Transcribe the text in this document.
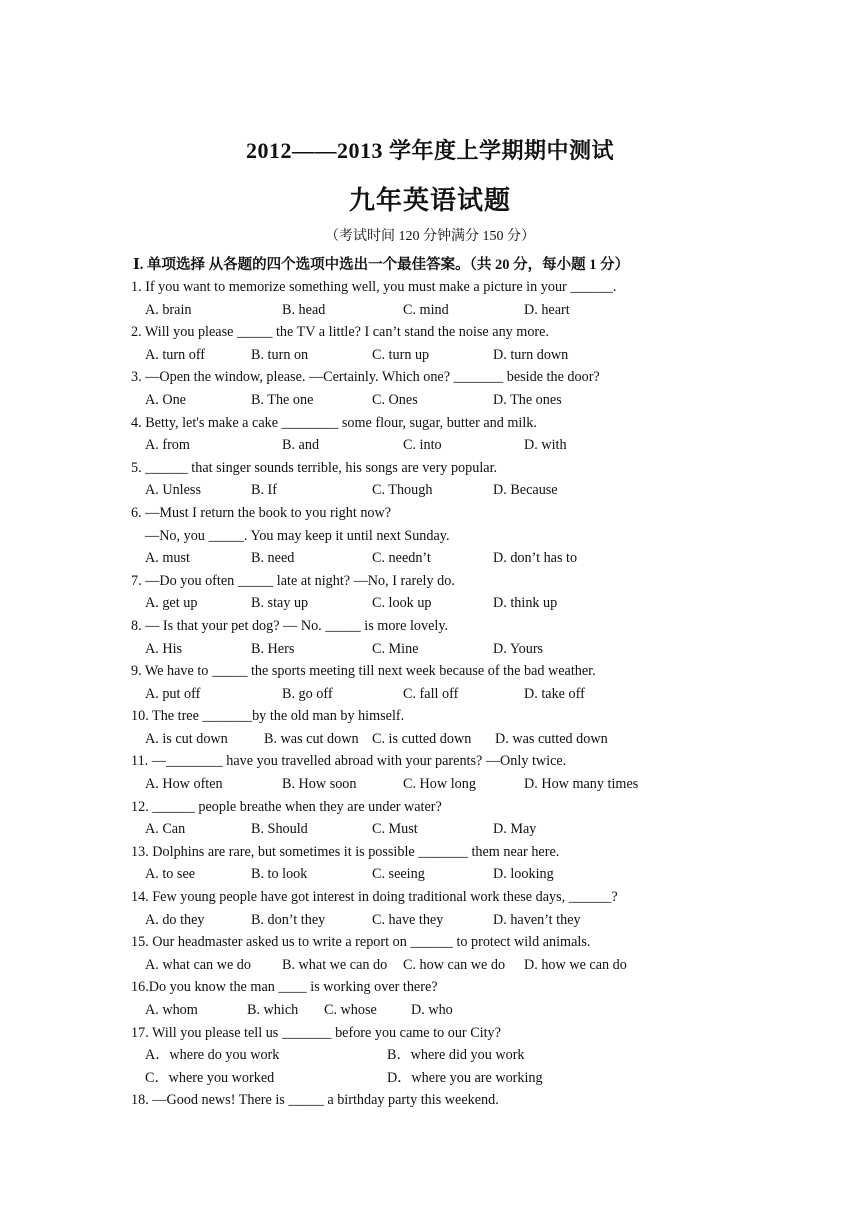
2012——2013 学年度上学期期中测试
九年英语试题
（考试时间 120 分钟满分 150 分）
Ⅰ. 单项选择 从各题的四个选项中选出一个最佳答案。（共 20 分，每小题 1 分）
1. If you want to memorize something well, you must make a picture in your ______.
A. brain	B. head	C. mind	D. heart
2. Will you please _____ the TV a little? I can’t stand the noise any more.
A. turn off	B. turn on	C. turn up	D. turn down
3. —Open the window, please. —Certainly. Which one? _______ beside the door?
A. One	B. The one	C. Ones	D. The ones
4. Betty, let's make a cake ________ some flour, sugar, butter and milk.
A. from	B. and	C. into	D. with
5. ______ that singer sounds terrible, his songs are very popular.
A. Unless	B. If	C. Though	D. Because
6. —Must I return the book to you right now?
—No, you _____. You may keep it until next Sunday.
A. must	B. need	C. needn’t	D. don’t has to
7. —Do you often _____ late at night? —No, I rarely do.
A. get up	B. stay up	C. look up	D. think up
8. — Is that your pet dog? — No. _____ is more lovely.
A. His	B. Hers	C. Mine	D. Yours
9. We have to _____ the sports meeting till next week because of the bad weather.
A. put off	B. go off	C. fall off	D. take off
10. The tree _______by the old man by himself.
A. is cut down	B. was cut down C. is cutted down D. was cutted down
11. —________ have you travelled abroad with your parents? —Only twice.
A. How often	B. How soon	C. How long	D. How many times
12. ______ people breathe when they are under water?
A. Can	B. Should	C. Must	D. May
13. Dolphins are rare, but sometimes it is possible _______ them near here.
A. to see	B. to look	C. seeing	D. looking
14. Few young people have got interest in doing traditional work these days, ______?
A. do they	B. don’t they	C. have they	D. haven’t they
15. Our headmaster asked us to write a report on ______ to protect wild animals.
A. what can we do B. what we can do C. how can we do D. how we can do
16.Do you know the man ____ is working over there?
A. whom	B. which C. whose D. who
17. Will you please tell us _______ before you came to our City?
A．where do you work	B．where did you work
C．where you worked	D．where you are working
18. —Good news! There is _____ a birthday party this weekend.
